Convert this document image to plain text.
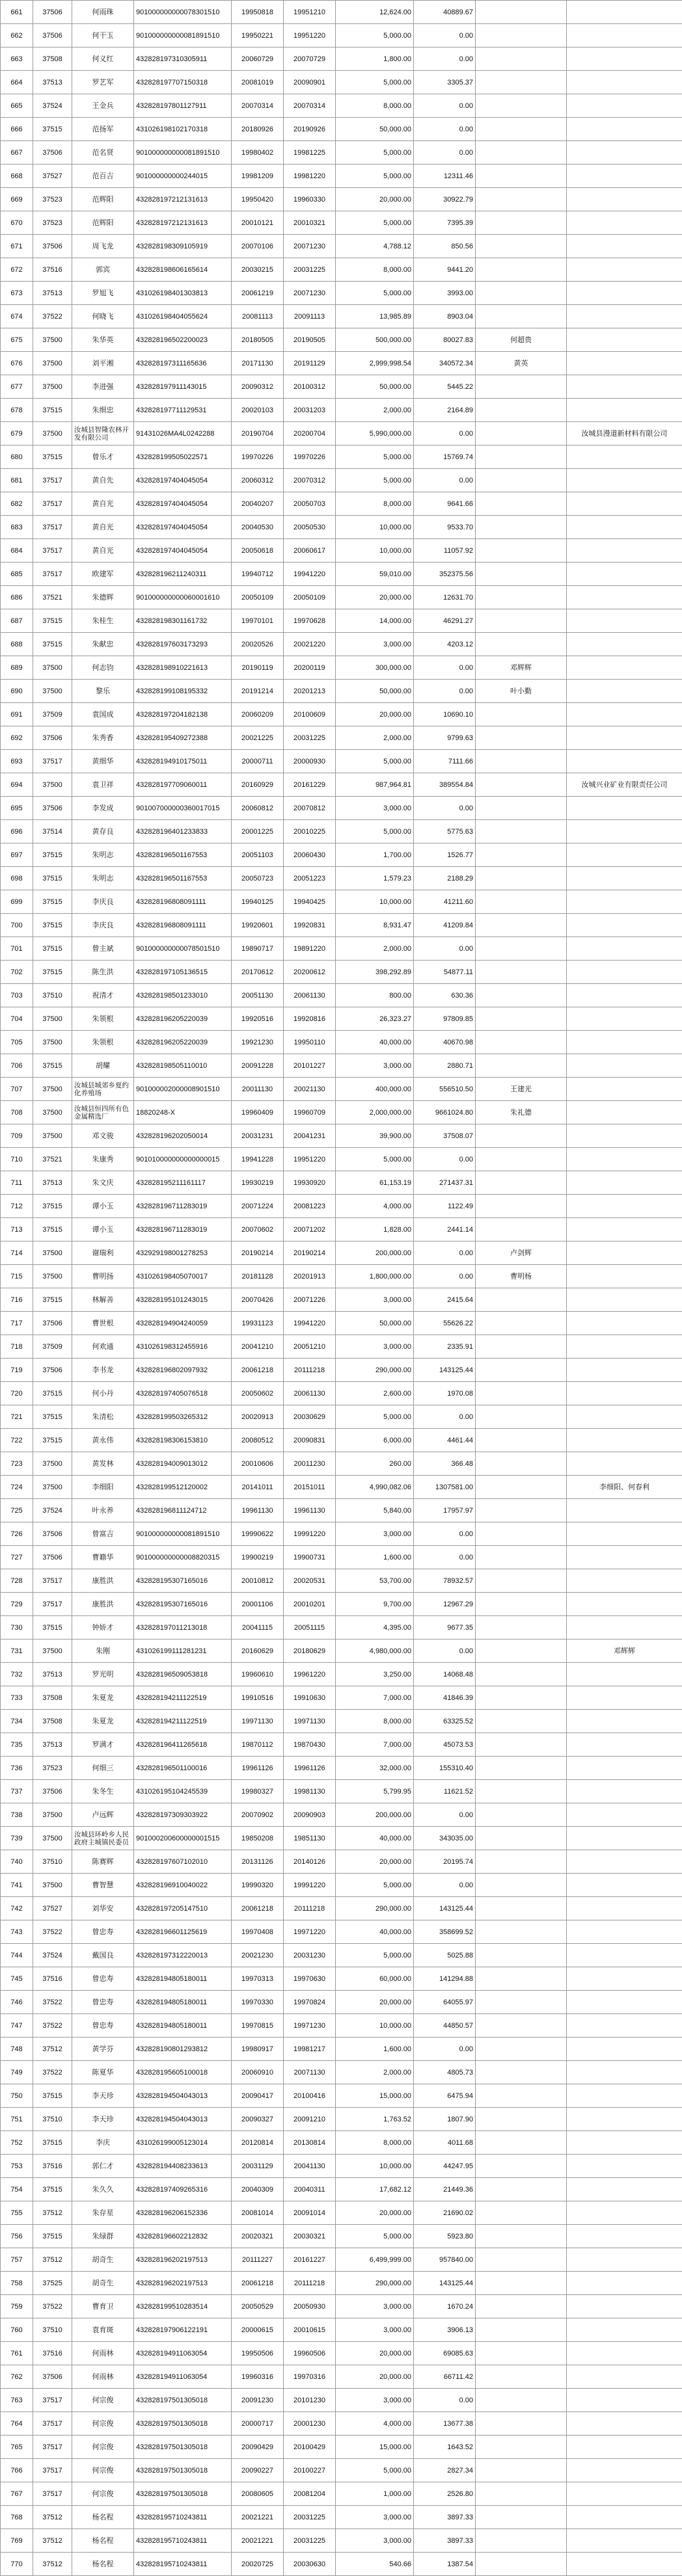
661	37506	何雨珠	901000000000078301510	19950818	19951210	12,624.00	40889.67		
662	37506	何干玉	901000000000081891510	19950221	19951220	5,000.00	0.00		
663	37508	何义红	432828197310305911	20060729	20070729	1,800.00	0.00		
664	37513	罗艺军	432828197707150318	20081019	20090901	5,000.00	3305.37		
665	37524	王金兵	432828197801127911	20070314	20070314	8,000.00	0.00		
666	37515	范扬军	431026198102170318	20180926	20190926	50,000.00	0.00		
667	37506	范名贤	901000000000081891510	19980402	19981225	5,000.00	0.00		
668	37527	范百吉	901000000000244015	19981209	19981220	5,000.00	12311.46		
669	37523	范辉阳	432828197212131613	19950420	19960330	20,000.00	30922.79		
670	37523	范辉阳	432828197212131613	20010121	20010321	5,000.00	7395.39		
671	37506	周飞龙	432828198309105919	20070106	20071230	4,788.12	850.56		
672	37516	郭宾	432828198606165614	20030215	20031225	8,000.00	9441.20		
673	37513	罗旭飞	431026198401303813	20061219	20071230	5,000.00	3993.00		
674	37522	何晓飞	431026198404055624	20081113	20091113	13,985.89	8903.04		
675	37500	朱华英	432828196502200023	20180505	20190505	500,000.00	80027.83	何超贵	
676	37500	刘平湘	432828197311165636	20171130	20191129	2,999,998.54	340572.34	黄英	
677	37500	李进强	432828197911143015	20090312	20100312	50,000.00	5445.22		
678	37515	朱细忠	432828197711129531	20020103	20031203	2,000.00	2164.89		
679	37500	汝城县智隆农林开发有限公司	91431026MA4L0242288	20190704	20200704	5,990,000.00	0.00		汝城县漫道新材料有限公司
680	37515	曾乐才	432828199505022571	19970226	19970226	5,000.00	15769.74		
681	37517	黄自先	432828197404045054	20060312	20070312	5,000.00	0.00		
682	37517	黄自光	432828197404045054	20040207	20050703	8,000.00	9641.66		
683	37517	黄自光	432828197404045054	20040530	20050530	10,000.00	9533.70		
684	37517	黄自光	432828197404045054	20050618	20060617	10,000.00	11057.92		
685	37517	欧建军	432828196211240311	19940712	19941220	59,010.00	352375.56		
686	37521	朱德辉	901000000000060001610	20050109	20050109	20,000.00	12631.70		
687	37515	朱桂生	432828198301161732	19970101	19970628	14,000.00	46291.27		
688	37515	朱献忠	432828197603173293	20020526	20021220	3,000.00	4203.12		
689	37500	何志钧	432828198910221613	20190119	20200119	300,000.00	0.00	邓辉辉	
690	37500	黎乐	432828199108195332	20191214	20201213	50,000.00	0.00	叶小勤	
691	37509	袁国成	432828197204182138	20060209	20100609	20,000.00	10690.10		
692	37506	朱秀香	432828195409272388	20021225	20031225	2,000.00	9799.63		
693	37517	黄细华	432828194910175011	20000711	20000930	5,000.00	7111.66		
694	37500	袁卫祥	432828197709060011	20160929	20161229	987,964.81	389554.84		汝城兴业矿业有限责任公司
695	37506	李发成	901007000000360017015	20060812	20070812	3,000.00	0.00		
696	37514	黄存良	432828196401233833	20001225	20010225	5,000.00	5775.63		
697	37515	朱明志	432828196501167553	20051103	20060430	1,700.00	1526.77		
698	37515	朱明志	432828196501167553	20050723	20051223	1,579.23	2188.29		
699	37515	李庆良	432828196808091111	19940125	19940425	10,000.00	41211.60		
700	37515	李庆良	432828196808091111	19920601	19920831	8,931.47	41209.84		
701	37515	曾主斌	901000000000078501510	19890717	19891220	2,000.00	0.00		
702	37515	陈生洪	432828197105136515	20170612	20200612	398,292.89	54877.11		
703	37510	祝清才	432828198501233010	20051130	20061130	800.00	630.36		
704	37500	朱领根	432828196205220039	19920516	19920816	26,323.27	97809.85		
705	37500	朱领根	432828196205220039	19921230	19950110	40,000.00	40670.98		
706	37515	胡耀	432828198505110010	20091228	20101227	3,000.00	2880.71		
707	37500	汝城县城郊乡夏约化养殖场	901000002000008901510	20011130	20021130	400,000.00	556510.50	王建光	
708	37500	汝城县恒四所有色金属精选厂	18820248-X	19960409	19960709	2,000,000.00	9661024.80	朱礼德	
709	37500	邓文骏	432828196202050014	20031231	20041231	39,900.00	37508.07		
710	37521	朱康秀	901010000000000000015	19941228	19951220	5,000.00	0.00		
711	37513	朱文庆	432828195211161117	19930219	19930920	61,153.19	271437.31		
712	37515	谭小玉	432828196711283019	20071224	20081223	4,000.00	1122.49		
713	37515	谭小玉	432828196711283019	20070602	20071202	1,828.00	2441.14		
714	37500	谢瑞利	432929198001278253	20190214	20190214	200,000.00	0.00	卢剑辉	
715	37500	曹明扬	431026198405070017	20181128	20201913	1,800,000.00	0.00	曹明杨	
716	37515	林解善	432828195101243015	20070426	20071226	3,000.00	2415.64		
717	37506	曹世根	432828194904240059	19931123	19941220	50,000.00	55626.22		
718	37509	何欢通	431026198312455916	20041210	20051210	3,000.00	2335.91		
719	37506	李书龙	432828196802097932	20061218	20111218	290,000.00	143125.44		
720	37515	何小丹	432828197405076518	20050602	20061130	2,600.00	1970.08		
721	37515	朱清松	432828199503265312	20020913	20030629	5,000.00	0.00		
722	37515	黄永伟	432828198306153810	20080512	20090831	6,000.00	4461.44		
723	37500	黄发林	432828194009013012	20010606	20011230	260.00	366.48		
724	37500	李细阳	432828199512120002	20141011	20151011	4,990,082.06	1307581.00		李细阳、何春利
725	37524	叶永养	432828196811124712	19961130	19961130	5,840.00	17957.97		
726	37506	曾富吉	901000000000081891510	19990622	19991220	3,000.00	0.00		
727	37506	曹籍华	901000000000008820315	19900219	19900731	1,600.00	0.00		
728	37517	康胜洪	432828195307165016	20010812	20020531	53,700.00	78932.57		
729	37517	康胜洪	432828195307165016	20001106	20010201	9,700.00	12967.29		
730	37515	钟娇才	432828197011213018	20041115	20051115	4,395.00	9677.35		
731	37500	朱刚	431026199111281231	20160629	20180629	4,980,000.00	0.00		邓辉辉
732	37513	罗光明	432828196509053818	19960610	19961220	3,250.00	14068.48		
733	37508	朱夏龙	432828194211122519	19910516	19910630	7,000.00	41846.39		
734	37508	朱夏龙	432828194211122519	19971130	19971130	8,000.00	63325.52		
735	37513	罗满才	432828196411265618	19870112	19870430	7,000.00	45073.53		
736	37523	何细三	432828196501100016	19961126	19961126	32,000.00	155310.40		
737	37506	朱冬生	431026195104245539	19980327	19981130	5,799.95	11621.52		
738	37500	卢远辉	432828197309303922	20070902	20090903	200,000.00	0.00		
739	37500	汝城县环岭乡人民政府主城镇民委员	901000200600000001515	19850208	19851130	40,000.00	343035.00		
740	37510	陈赛辉	432828197607102010	20131126	20140126	20,000.00	20195.74		
741	37500	曹智慧	432828196910040022	19990320	19991220	5,000.00	0.00		
742	37527	刘华安	432828197205147510	20061218	20111218	290,000.00	143125.44		
743	37522	曾忠寿	432828196601125619	19970408	19971220	40,000.00	358699.52		
744	37524	戴国良	432828197312220013	20021230	20031230	5,000.00	5025.88		
745	37516	曾忠寿	432828194805180011	19970313	19970630	60,000.00	141294.88		
746	37522	曾忠寿	432828194805180011	19970330	19970824	20,000.00	64055.97		
747	37522	曾忠寿	432828194805180011	19970815	19971230	10,000.00	44850.57		
748	37512	黄学芬	432828190801293812	19980917	19981217	1,600.00	0.00		
749	37522	陈夏华	432828195605100018	20060910	20071130	2,000.00	4805.73		
750	37515	李天珍	432828194504043013	20090417	20100416	15,000.00	6475.94		
751	37510	李天珍	432828194504043013	20090327	20091210	1,763.52	1807.90		
752	37515	李庆	431026199005123014	20120814	20130814	8,000.00	4011.68		
753	37516	郭仁才	432828194408233613	20031129	20041130	10,000.00	44247.95		
754	37515	朱久久	432828197409265316	20040309	20040311	17,682.12	21449.36		
755	37512	朱存星	432828196206152336	20081014	20091014	20,000.00	21690.02		
756	37515	朱绿群	432828196602212832	20020321	20030321	5,000.00	5923.80		
757	37512	胡奇生	432828196202197513	20111227	20161227	6,499,999.00	957840.00		
758	37525	胡奇生	432828196202197513	20061218	20111218	290,000.00	143125.44		
759	37522	曹育卫	432828199510283514	20050529	20050930	3,000.00	1670.24		
760	37510	袁育斑	432828197906122191	20000615	20010615	3,000.00	3906.13		
761	37516	何雨林	432828194911063054	19950506	19960506	20,000.00	69085.63		
762	37506	何雨林	432828194911063054	19960316	19970316	20,000.00	66711.42		
763	37517	何宗俊	432828197501305018	20091230	20101230	3,000.00	0.00		
764	37517	何宗俊	432828197501305018	20000717	20001230	4,000.00	13677.38		
765	37517	何宗俊	432828197501305018	20090429	20100429	15,000.00	1643.52		
766	37517	何宗俊	432828197501305018	20090227	20100227	5,000.00	2827.34		
767	37517	何宗俊	432828197501305018	20080605	20081204	1,000.00	2526.80		
768	37512	杨名程	432828195710243811	20021221	20031225	3,000.00	3897.33		
769	37512	杨名程	432828195710243811	20021221	20031225	3,000.00	3897.33		
770	37512	杨名程	432828195710243811	20020725	20030630	540.66	1387.54		
